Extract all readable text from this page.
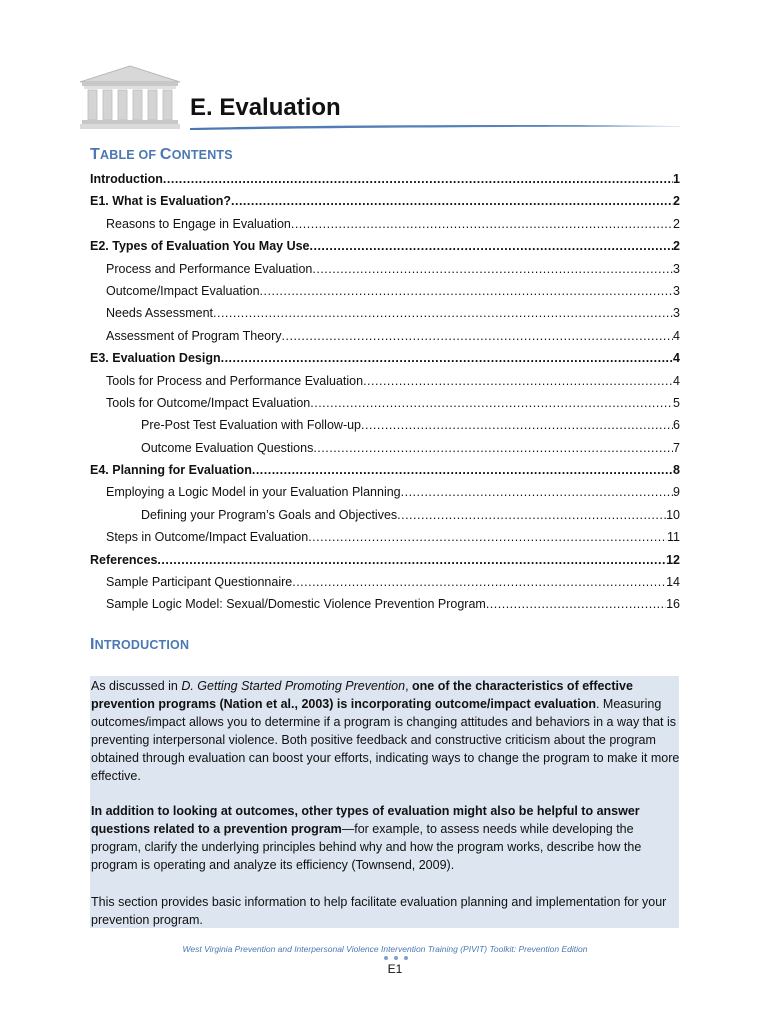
E. Evaluation
TABLE OF CONTENTS
Introduction .....	1
E1. What is Evaluation? .....	2
Reasons to Engage in Evaluation .....	2
E2. Types of Evaluation You May Use .....	2
Process and Performance Evaluation .....	3
Outcome/Impact Evaluation .....	3
Needs Assessment .....	3
Assessment of Program Theory .....	4
E3. Evaluation Design .....	4
Tools for Process and Performance Evaluation .....	4
Tools for Outcome/Impact Evaluation .....	5
Pre-Post Test Evaluation with Follow-up .....	6
Outcome Evaluation Questions .....	7
E4. Planning for Evaluation .....	8
Employing a Logic Model in your Evaluation Planning .....	9
Defining your Program’s Goals and Objectives .....	10
Steps in Outcome/Impact Evaluation .....	11
References .....	12
Sample Participant Questionnaire .....	14
Sample Logic Model: Sexual/Domestic Violence Prevention Program .....	16
INTRODUCTION

As discussed in D. Getting Started Promoting Prevention, one of the characteristics of effective prevention programs (Nation et al., 2003) is incorporating outcome/impact evaluation. Measuring outcomes/impact allows you to determine if a program is changing attitudes and behaviors in a way that is preventing interpersonal violence. Both positive feedback and constructive criticism about the program obtained through evaluation can boost your efforts, indicating ways to change the program to make it more effective.

In addition to looking at outcomes, other types of evaluation might also be helpful to answer questions related to a prevention program—for example, to assess needs while developing the program, clarify the underlying principles behind why and how the program works, describe how the program is operating and analyze its efficiency (Townsend, 2009).

This section provides basic information to help facilitate evaluation planning and implementation for your prevention program.

West Virginia Prevention and Interpersonal Violence Intervention Training (PIVIT) Toolkit: Prevention Edition

E1
